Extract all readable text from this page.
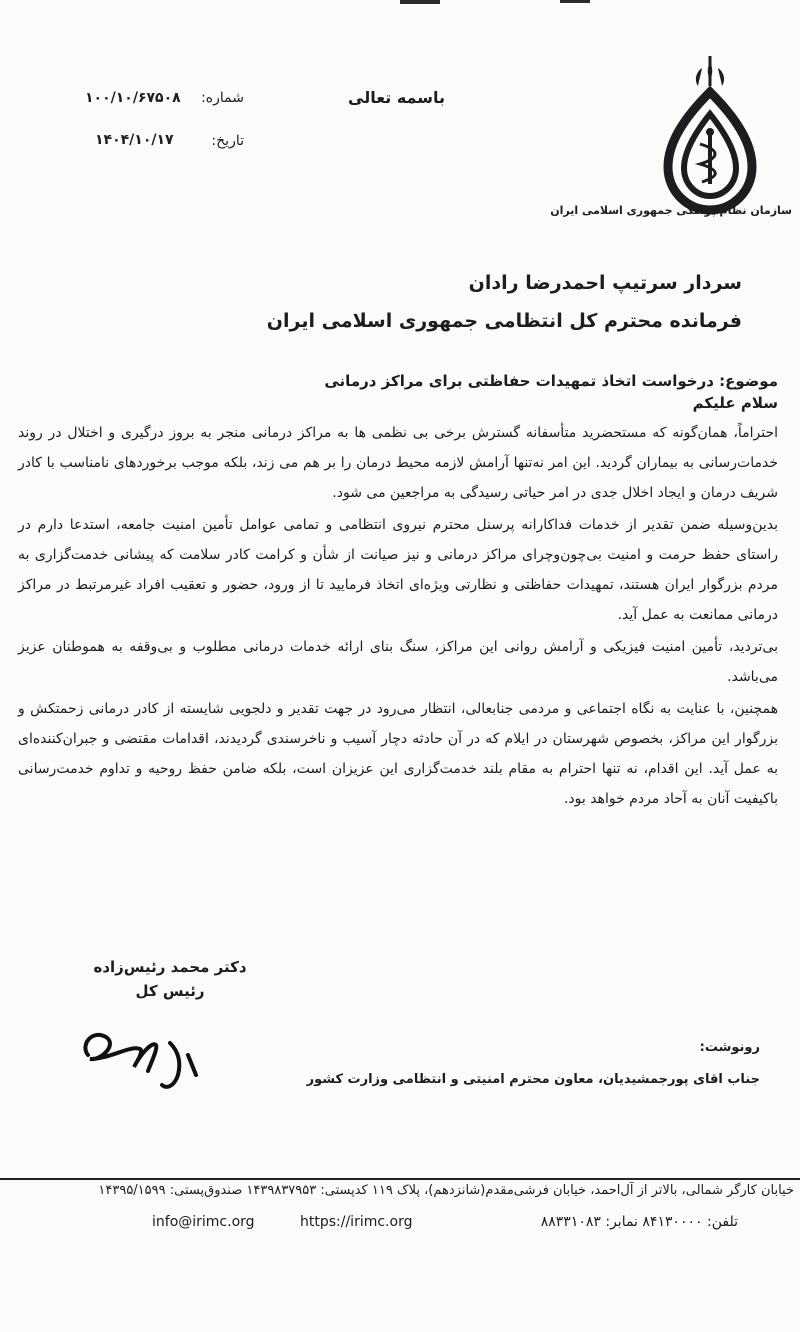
سازمان نظام پزشکی جمهوری اسلامی ایران
باسمه تعالی
شماره:
۱۰۰/۱۰/۶۷۵۰۸
تاریخ:
۱۴۰۴/۱۰/۱۷
سردار سرتیپ احمدرضا رادان
فرمانده محترم کل انتظامی جمهوری اسلامی ایران
موضوع: درخواست اتخاذ تمهیدات حفاظتی برای مراکز درمانی
سلام علیکم

احتراماً، همان‌گونه که مستحضرید متأسفانه گسترش برخی بی نظمی ها به مراکز درمانی منجر به بروز درگیری و اختلال در روند خدمات‌رسانی به بیماران گردید. این امر نه‌تنها آرامش لازمه محیط درمان را بر هم می زند، بلکه موجب برخوردهای نامناسب با کادر شریف درمان و ایجاد اخلال جدی در امر حیاتی رسیدگی به مراجعین می شود.

بدین‌وسیله ضمن تقدیر از خدمات فداکارانه پرسنل محترم نیروی انتظامی و تمامی عوامل تأمین امنیت جامعه، استدعا دارم در راستای حفظ حرمت و امنیت بی‌چون‌وچرای مراکز درمانی و نیز صیانت از شأن و کرامت کادر سلامت که پیشانی خدمت‌گزاری به مردم بزرگوار ایران هستند، تمهیدات حفاظتی و نظارتی ویژه‌ای اتخاذ فرمایید تا از ورود، حضور و تعقیب افراد غیرمرتبط در مراکز درمانی ممانعت به عمل آید.

بی‌تردید، تأمین امنیت فیزیکی و آرامش روانی این مراکز، سنگ بنای ارائه خدمات درمانی مطلوب و بی‌وقفه به هموطنان عزیز می‌باشد.

همچنین، با عنایت به نگاه اجتماعی و مردمی جنابعالی، انتظار می‌رود در جهت تقدیر و دلجویی شایسته از کادر درمانی زحمتکش و بزرگوار این مراکز، بخصوص شهرستان در ایلام که در آن حادثه دچار آسیب و ناخرسندی گردیدند، اقدامات مقتضی و جبران‌کننده‌ای به عمل آید. این اقدام، نه تنها احترام به مقام بلند خدمت‌گزاری این عزیزان است، بلکه ضامن حفظ روحیه و تداوم خدمت‌رسانی باکیفیت آنان به آحاد مردم خواهد بود.

دکتر محمد رئیس‌زاده
رئیس کل
رونوشت:
جناب اقای پورجمشیدیان، معاون محترم امنیتی و انتظامی وزارت کشور
خیابان کارگر شمالی، بالاتر از آل‌احمد، خیابان فرشی‌مقدم(شانزدهم)، پلاک ۱۱۹ کدپستی: ۱۴۳۹۸۳۷۹۵۳ صندوق‌پستی: ۱۴۳۹۵/۱۵۹۹
تلفن: ۸۴۱۳۰۰۰۰ نمابر: ۸۸۳۳۱۰۸۳
https://irimc.org
info@irimc.org
